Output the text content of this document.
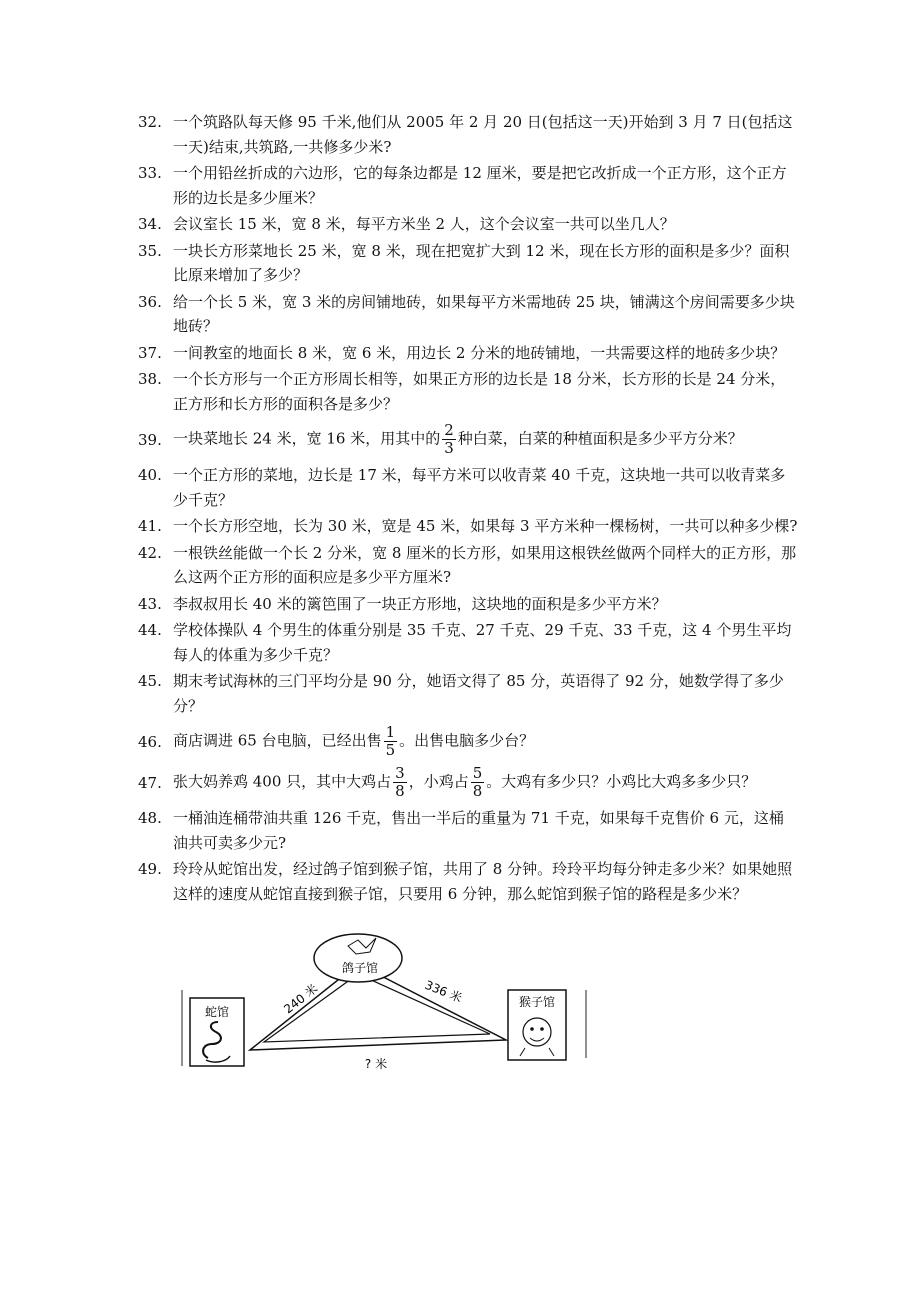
32. 一个筑路队每天修 95 千米,他们从 2005 年 2 月 20 日(包括这一天)开始到 3 月 7 日(包括这一天)结束,共筑路,一共修多少米?
33. 一个用铅丝折成的六边形，它的每条边都是 12 厘米，要是把它改折成一个正方形，这个正方形的边长是多少厘米？
34. 会议室长 15 米，宽 8 米，每平方米坐 2 人，这个会议室一共可以坐几人？
35. 一块长方形菜地长 25 米，宽 8 米，现在把宽扩大到 12 米，现在长方形的面积是多少？面积比原来增加了多少？
36. 给一个长 5 米，宽 3 米的房间铺地砖，如果每平方米需地砖 25 块，铺满这个房间需要多少块地砖？
37. 一间教室的地面长 8 米，宽 6 米，用边长 2 分米的地砖铺地，一共需要这样的地砖多少块？
38. 一个长方形与一个正方形周长相等，如果正方形的边长是 18 分米，长方形的长是 24 分米，正方形和长方形的面积各是多少？
39. 一块菜地长 24 米，宽 16 米，用其中的 $\frac{2}{3}$ 种白菜，白菜的种植面积是多少平方分米？
40. 一个正方形的菜地，边长是 17 米，每平方米可以收青菜 40 千克，这块地一共可以收青菜多少千克？
41. 一个长方形空地，长为 30 米，宽是 45 米，如果每 3 平方米种一棵杨树，一共可以种多少棵?
42. 一根铁丝能做一个长 2 分米，宽 8 厘米的长方形，如果用这根铁丝做两个同样大的正方形，那么这两个正方形的面积应是多少平方厘米?
43. 李叔叔用长 40 米的篱笆围了一块正方形地，这块地的面积是多少平方米？
44. 学校体操队 4 个男生的体重分别是 35 千克、27 千克、29 千克、33 千克，这 4 个男生平均每人的体重为多少千克？
45. 期末考试海林的三门平均分是 90 分，她语文得了 85 分，英语得了 92 分，她数学得了多少分？
46. 商店调进 65 台电脑，已经出售 $\frac{1}{5}$ 。出售电脑多少台？
47. 张大妈养鸡 400 只，其中大鸡占 $\frac{3}{8}$ ，小鸡占 $\frac{5}{8}$ 。大鸡有多少只？小鸡比大鸡多多少只？
48. 一桶油连桶带油共重 126 千克，售出一半后的重量为 71 千克，如果每千克售价 6 元，这桶油共可卖多少元?
49. 玲玲从蛇馆出发，经过鸽子馆到猴子馆，共用了 8 分钟。玲玲平均每分钟走多少米？如果她照这样的速度从蛇馆直接到猴子馆，只要用 6 分钟，那么蛇馆到猴子馆的路程是多少米？
蛇馆
鸽子馆
猴子馆
240 米	336 米
? 米
